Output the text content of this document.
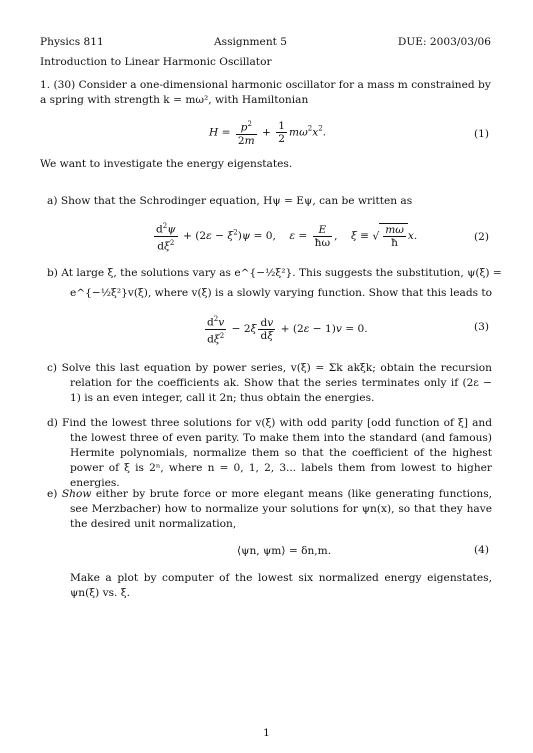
Physics 811	Assignment 5	DUE: 2003/03/06
Introduction to Linear Harmonic Oscillator
1. (30) Consider a one-dimensional harmonic oscillator for a mass m constrained by
a spring with strength k = mω², with Hamiltonian
$H = \frac{p^2}{2m} + \frac{1}{2} m\omega^2x^2$.	(1)
We want to investigate the energy eigenstates.
a) Show that the Schrodinger equation, Hψ = Eψ, can be written as
$\frac{d^2\psi}{d\xi^2} + (2\varepsilon - \xi^2)\psi = 0$,    $\varepsilon = \frac{E}{ħ\omega}$ ,    ξ ≡ √ $\frac{m\omega}{ħ} x$.	(2)
b) At large ξ, the solutions vary as e^{−½ξ²}. This suggests the substitution, ψ(ξ) =
e^{−½ξ²}v(ξ), where v(ξ) is a slowly varying function. Show that this leads to
$\frac{d^2v}{d\xi^2} - 2\xi \frac{dv}{d\xi} + (2\varepsilon - 1)v = 0$.	(3)
c) Solve this last equation by power series, v(ξ) = Σk akξk; obtain the recursion relation for the coefficients ak. Show that the series terminates only if (2ε − 1) is an even integer, call it 2n; thus obtain the energies.
d) Find the lowest three solutions for v(ξ) with odd parity [odd function of ξ] and the lowest three of even parity. To make them into the standard (and famous) Hermite polynomials, normalize them so that the coefficient of the highest power of ξ is 2ⁿ, where n = 0, 1, 2, 3... labels them from lowest to higher energies.
e) Show either by brute force or more elegant means (like generating functions, see Merzbacher) how to normalize your solutions for ψn(x), so that they have the desired unit normalization,
⟨ψn, ψm⟩ = δn,m.	(4)
Make a plot by computer of the lowest six normalized energy eigenstates, ψn(ξ) vs. ξ.
1
